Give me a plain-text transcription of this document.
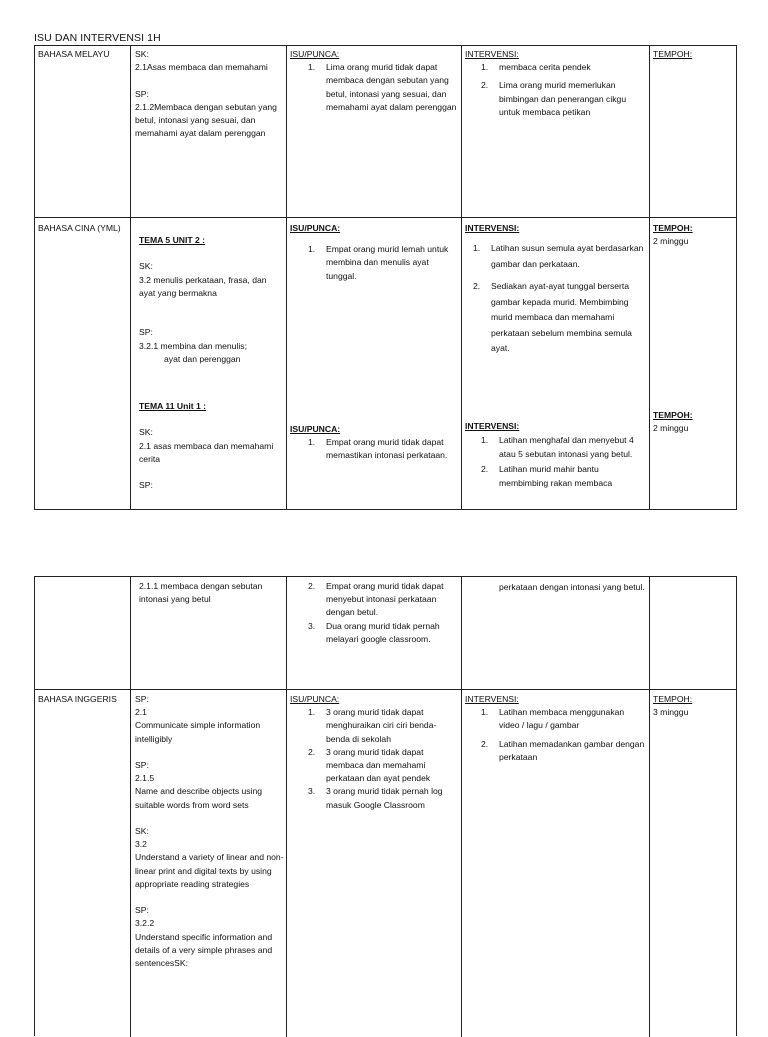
ISU DAN INTERVENSI 1H
BAHASA MELAYU	SK:

2.1Asas membaca dan memahami

SP:

2.1.2Membaca dengan sebutan yang betul, intonasi yang sesuai, dan memahami ayat dalam perenggan

ISU/PUNCA:

1. Lima orang murid tidak dapat membaca dengan sebutan yang betul, intonasi yang sesuai, dan memahami ayat dalam perenggan

INTERVENSI:

1. membaca cerita pendek
2. Lima orang murid memerlukan bimbingan dan penerangan cikgu untuk membaca petikan
TEMPOH:
BAHASA CINA (YML)

TEMA 5 UNIT 2 :

SK:

3.2 menulis perkataan, frasa, dan ayat yang bermakna

SP:

3.2.1 membina dan menulis;

ayat dan perenggan

TEMA 11 Unit 1 :

SK:

2.1 asas membaca dan memahami cerita

SP:

ISU/PUNCA:

1. Empat orang murid lemah untuk membina dan menulis ayat tunggal.

ISU/PUNCA:

1. Empat orang murid tidak dapat memastikan intonasi perkataan.

INTERVENSI:

1. Latihan susun semula ayat berdasarkan gambar dan perkataan.
2. Sediakan ayat-ayat tunggal berserta gambar kepada murid. Membimbing murid membaca dan memahami perkataan sebelum membina semula ayat.

INTERVENSI:

1. Latihan menghafal dan menyebut 4 atau 5 sebutan intonasi yang betul.
2. Latihan murid mahir bantu membimbing rakan membaca

TEMPOH:

2 minggu

TEMPOH:

2 minggu

2.1.1 membaca dengan sebutan intonasi yang betul
2. Empat orang murid tidak dapat menyebut intonasi perkataan dengan betul.
3. Dua orang murid tidak pernah melayari google classroom.
perkataan dengan intonasi yang betul.
BAHASA INGGERIS	SP:

2.1

Communicate simple information intelligibly

SP:

2.1.5

Name and describe objects using suitable words from word sets

SK:

3.2

Understand a variety of linear and non-linear print and digital texts by using appropriate reading strategies

SP:

3.2.2

Understand specific information and details of a very simple phrases and sentencesSK:

ISU/PUNCA:

1. 3 orang murid tidak dapat menghuraikan ciri ciri benda-benda di sekolah
2. 3 orang murid tidak dapat membaca dan memahami perkataan dan ayat pendek
3. 3 orang murid tidak pernah log masuk Google Classroom

INTERVENSI:

1. Latihan membaca menggunakan video / lagu / gambar
2. Latihan memadankan gambar dengan perkataan

TEMPOH:

3 minggu
